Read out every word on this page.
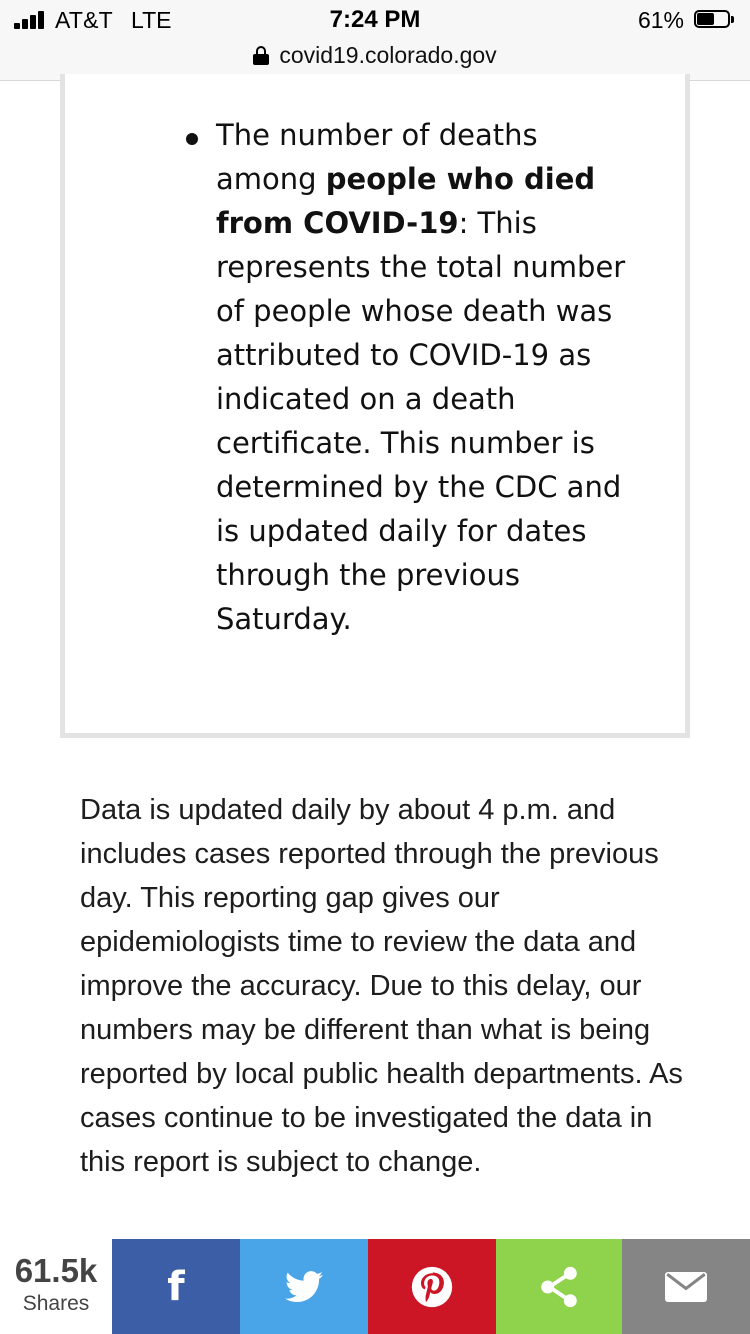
AT&T LTE	7:24 PM	61%
covid19.colorado.gov

The number of deaths among people who died from COVID-19: This represents the total number of people whose death was attributed to COVID-19 as indicated on a death certificate. This number is determined by the CDC and is updated daily for dates through the previous Saturday.

Data is updated daily by about 4 p.m. and includes cases reported through the previous day. This reporting gap gives our epidemiologists time to review the data and improve the accuracy. Due to this delay, our numbers may be different than what is being reported by local public health departments. As cases continue to be investigated the data in this report is subject to change.

61.5k
Shares	f
